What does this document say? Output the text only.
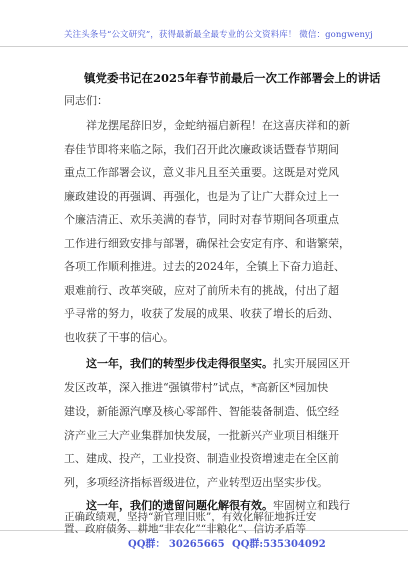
关注头条号“公文研究”，获得最新最全最专业的公文资料库！ 微信：gongwenyj
镇党委书记在2025年春节前最后一次工作部署会上的讲话
同志们：
祥龙摆尾辞旧岁，金蛇纳福启新程！在这喜庆祥和的新
春佳节即将来临之际，我们召开此次廉政谈话暨春节期间
重点工作部署会议，意义非凡且至关重要。这既是对党风
廉政建设的再强调、再强化，也是为了让广大群众过上一
个廉洁清正、欢乐美满的春节，同时对春节期间各项重点
工作进行细致安排与部署，确保社会安定有序、和谐繁荣，
各项工作顺利推进。过去的2024年，全镇上下奋力追赶、
艰难前行、改革突破，应对了前所未有的挑战，付出了超
乎寻常的努力，收获了发展的成果、收获了增长的后劲、
也收获了干事的信心。
这一年，我们的转型步伐走得很坚实。扎实开展园区开
发区改革，深入推进“强镇带村”试点，*高新区*园加快
建设，新能源汽摩及核心零部件、智能装备制造、低空经
济产业三大产业集群加快发展，一批新兴产业项目相继开
工、建成、投产，工业投资、制造业投资增速走在全区前
列，多项经济指标晋级进位，产业转型迈出坚实步伐。
这一年，我们的遗留问题化解很有效。牢固树立和践行
QQ群： 30265665 QQ群:535304092
正确政绩观，坚持“新官理旧账”，有效化解征地拆迁安
置、政府债务、耕地“非农化”“非粮化”、信访矛盾等
